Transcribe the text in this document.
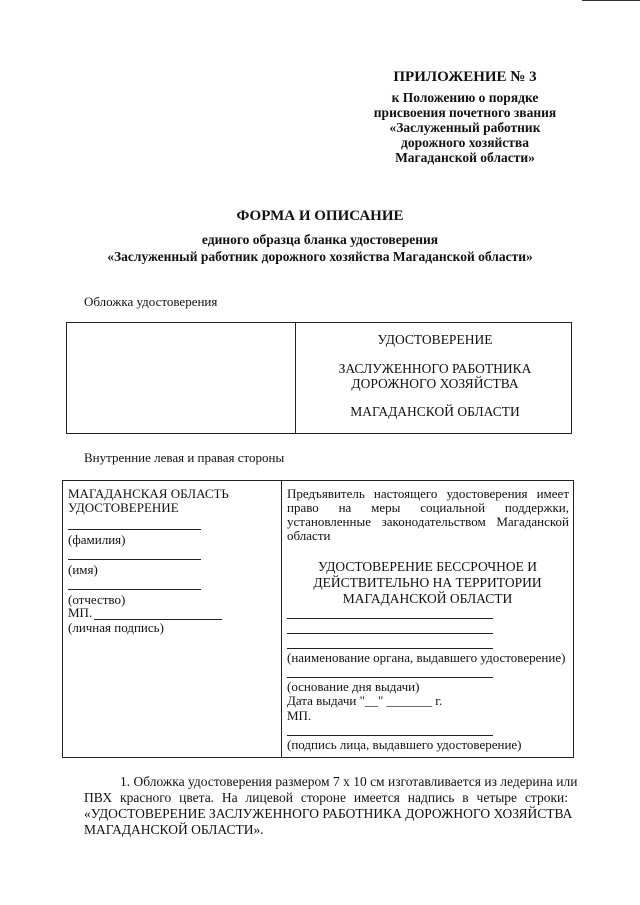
ПРИЛОЖЕНИЕ № 3
к Положению о порядке
присвоения почетного звания
«Заслуженный работник
дорожного хозяйства
Магаданской области»
ФОРМА И ОПИСАНИЕ
единого образца бланка удостоверения
«Заслуженный работник дорожного хозяйства Магаданской области»
Обложка удостоверения
УДОСТОВЕРЕНИЕ
ЗАСЛУЖЕННОГО РАБОТНИКА
ДОРОЖНОГО ХОЗЯЙСТВА
МАГАДАНСКОЙ ОБЛАСТИ
Внутренние левая и правая стороны
МАГАДАНСКАЯ ОБЛАСТЬ
УДОСТОВЕРЕНИЕ
(фамилия)
(имя)
(отчество)
МП.
(личная подпись)
Предъявитель настоящего удостоверения имеет
право на меры социальной поддержки,
установленные законодательством Магаданской
области
УДОСТОВЕРЕНИЕ БЕССРОЧНОЕ И
ДЕЙСТВИТЕЛЬНО НА ТЕРРИТОРИИ
МАГАДАНСКОЙ ОБЛАСТИ
(наименование органа, выдавшего удостоверение)
(основание дня выдачи)
Дата выдачи "__" _______ г.
МП.
(подпись лица, выдавшего удостоверение)
1. Обложка удостоверения размером 7 х 10 см изготавливается из ледерина или
ПВХ красного цвета. На лицевой стороне имеется надпись в четыре строки:
«УДОСТОВЕРЕНИЕ ЗАСЛУЖЕННОГО РАБОТНИКА ДОРОЖНОГО ХОЗЯЙСТВА
МАГАДАНСКОЙ ОБЛАСТИ».
